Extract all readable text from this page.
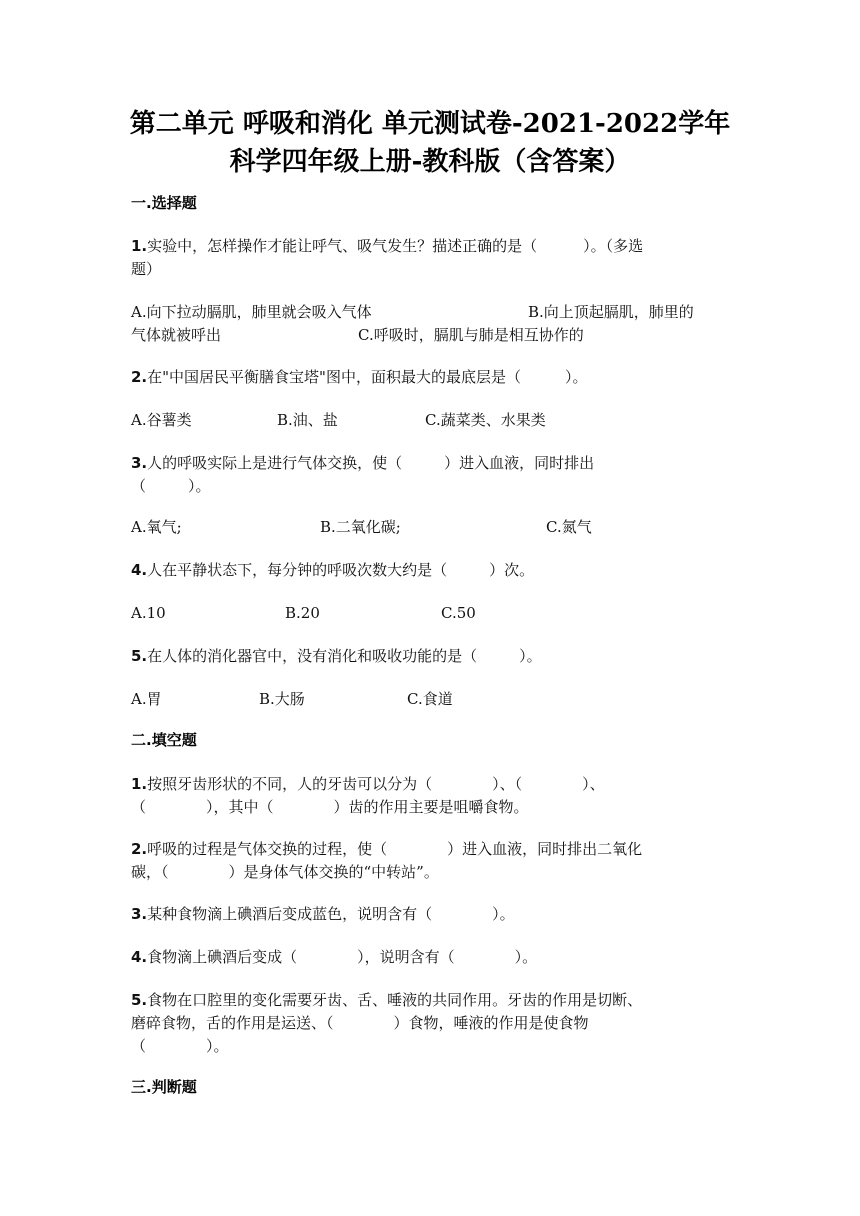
第二单元 呼吸和消化 单元测试卷-2021-2022学年
科学四年级上册-教科版（含答案）
一.选择题
1.实验中，怎样操作才能让呼气、吸气发生？描述正确的是（	）。（多选
题）
A.向下拉动膈肌，肺里就会吸入气体	B.向上顶起膈肌，肺里的
气体就被呼出	C.呼吸时，膈肌与肺是相互协作的
2.在"中国居民平衡膳食宝塔"图中，面积最大的最底层是（	）。
A.谷薯类	B.油、盐	C.蔬菜类、水果类
3.人的呼吸实际上是进行气体交换，使（	）进入血液，同时排出
（	）。
A.氧气;	B.二氧化碳;	C.氮气
4.人在平静状态下，每分钟的呼吸次数大约是（	）次。
A.10	B.20	C.50
5.在人体的消化器官中，没有消化和吸收功能的是（	）。
A.胃	B.大肠	C.食道
二.填空题
1.按照牙齿形状的不同，人的牙齿可以分为（	）、（	）、
（	），其中（	）齿的作用主要是咀嚼食物。
2.呼吸的过程是气体交换的过程，使（	）进入血液，同时排出二氧化
碳，（	）是身体气体交换的“中转站”。
3.某种食物滴上碘酒后变成蓝色，说明含有（	）。
4.食物滴上碘酒后变成（	），说明含有（	）。
5.食物在口腔里的变化需要牙齿、舌、唾液的共同作用。牙齿的作用是切断、
磨碎食物，舌的作用是运送、（	）食物，唾液的作用是使食物
（	）。
三.判断题
